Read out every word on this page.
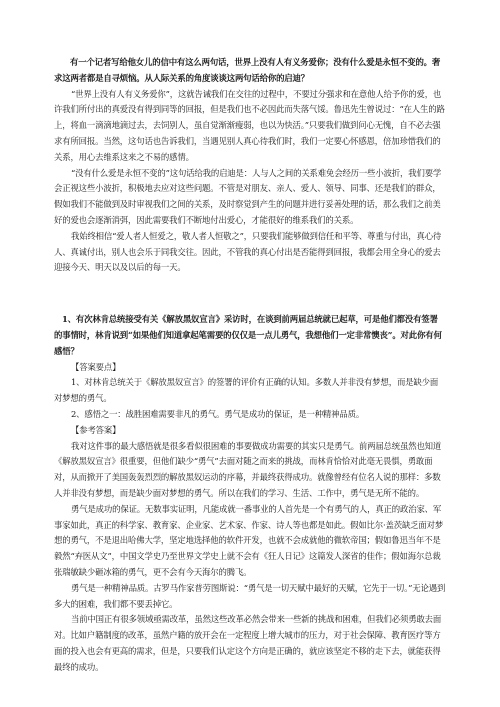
有一个记者写给他女儿的信中有这么两句话，世界上没有人有义务爱你；没有什么爱是永恒不变的。奢求这两者都是自寻烦恼。从人际关系的角度谈谈这两句话给你的启迪？

“世界上没有人有义务爱你”，这就告诫我们在交往的过程中，不要过分强求和在意他人给予你的爱，也许我们所付出的真爱没有得到同等的回报，但是我们也不必因此而失落气馁。鲁迅先生曾说过：“在人生的路上，将血一滴滴地滴过去，去饲别人，虽自觉渐渐瘦弱，也以为快活。”只要我们做到问心无愧，自不必去强求有所回报。当然，这句话也告诉我们，当遇见别人真心待我们时，我们一定要心怀感恩，倍加珍惜我们的关系，用心去维系这来之不易的感情。

“没有什么爱是永恒不变的”这句话给我的启迪是：人与人之间的关系难免会经历一些小波折，我们要学会正视这些小波折，积极地去应对这些问题。不管是对朋友、亲人、爱人、领导、同事、还是我们的群众，假如我们不能做到及时审视我们之间的关系，及时察觉到产生的问题并进行妥善处理的话，那么我们之前美好的爱也会逐渐消弭，因此需要我们不断地付出爱心，才能很好的维系我们的关系。

我始终相信“爱人者人恒爱之，敬人者人恒敬之”，只要我们能够做到信任和平等、尊重与付出，真心待人、真诚付出，别人也会乐于同我交往。因此，不管我的真心付出是否能得到回报，我都会用全身心的爱去迎接今天、明天以及以后的每一天。

1、有次林肯总统接受有关《解放黑奴宣言》采访时，在谈到前两届总统就已起草，可是他们都没有签署的事情时，林肯说到“如果他们知道拿起笔需要的仅仅是一点儿勇气，我想他们一定非常懊丧”。对此你有何感悟？

【答案要点】

1、对林肯总统关于《解放黑奴宣言》的签署的评价有正确的认知。多数人并非没有梦想，而是缺少面对梦想的勇气。

2、感悟之一：战胜困难需要非凡的勇气。勇气是成功的保证，是一种精神品质。

【参考答案】

我对这件事的最大感悟就是很多看似很困难的事要做成功需要的其实只是勇气。前两届总统虽然也知道《解放黑奴宣言》很重要，但他们缺少“勇气”去面对随之而来的挑战，而林肯恰恰对此毫无畏惧，勇敢面对，从而掀开了美国轰轰烈烈的解放黑奴运动的序幕，并最终获得成功。就像曾经有位名人说的那样：多数人并非没有梦想，而是缺少面对梦想的勇气。所以在我们的学习、生活、工作中，勇气是无所不能的。

勇气是成功的保证。无数事实证明，凡能成就一番事业的人首先是一个有勇气的人，真正的政治家、军事家如此，真正的科学家、教育家、企业家、艺术家、作家、诗人等也都是如此。假如比尔·盖茨缺乏面对梦想的勇气，不是退出哈佛大学，坚定地选择他的软件开发，也就不会成就他的微软帝国；假如鲁迅当年不是毅然“弃医从文”，中国文学史乃至世界文学史上就不会有《狂人日记》这篇发人深省的佳作；假如海尔总裁张瑞敏缺少砸冰箱的勇气，更不会有今天海尔的腾飞。

勇气是一种精神品质。古罗马作家普劳图斯说：“勇气是一切天赋中最好的天赋，它先于一切。”无论遇到多大的困难，我们都不要丢掉它。

当前中国正有很多领域亟需改革，虽然这些改革必然会带来一些新的挑战和困难，但我们必须勇敢去面对。比如户籍制度的改革，虽然户籍的放开会在一定程度上增大城市的压力，对于社会保障、教育医疗等方面的投入也会有更高的需求，但是，只要我们认定这个方向是正确的，就应该坚定不移的走下去，就能获得最终的成功。
